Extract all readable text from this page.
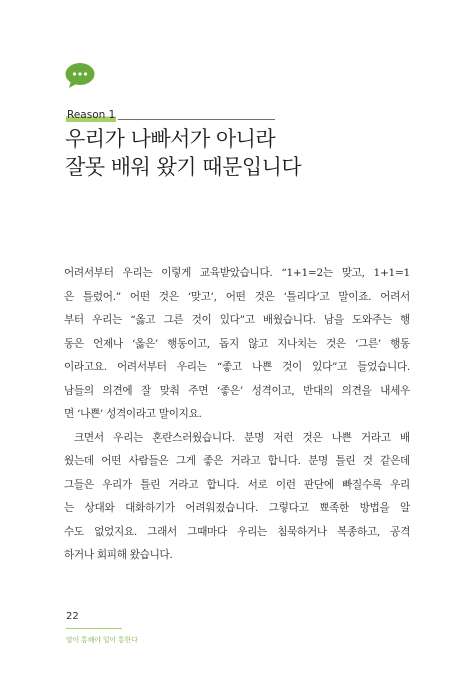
Reason 1
우리가 나빠서가 아니라
잘못 배워 왔기 때문입니다

어려서부터 우리는 이렇게 교육받았습니다. “1+1=2는 맞고, 1+1=1
은 틀렸어.” 어떤 것은 ‘맞고’, 어떤 것은 ‘틀리다’고 말이죠. 어려서
부터 우리는 “옳고 그른 것이 있다”고 배웠습니다. 남을 도와주는 행
동은 언제나 ‘옳은’ 행동이고, 돕지 않고 지나치는 것은 ‘그른’ 행동
이라고요. 어려서부터 우리는 “좋고 나쁜 것이 있다”고 들었습니다.
남들의 의견에 잘 맞춰 주면 ‘좋은’ 성격이고, 반대의 의견을 내세우
면 ‘나쁜’ 성격이라고 말이지요.

크면서 우리는 혼란스러웠습니다. 분명 저런 것은 나쁜 거라고 배
웠는데 어떤 사람들은 그게 좋은 거라고 합니다. 분명 틀린 것 같은데
그들은 우리가 틀린 거라고 합니다. 서로 이런 판단에 빠질수록 우리
는 상대와 대화하기가 어려워졌습니다. 그렇다고 뾰족한 방법을 알
수도 없었지요. 그래서 그때마다 우리는 침묵하거나 복종하고, 공격
하거나 회피해 왔습니다.

22
말이 통해야 일이 통한다
